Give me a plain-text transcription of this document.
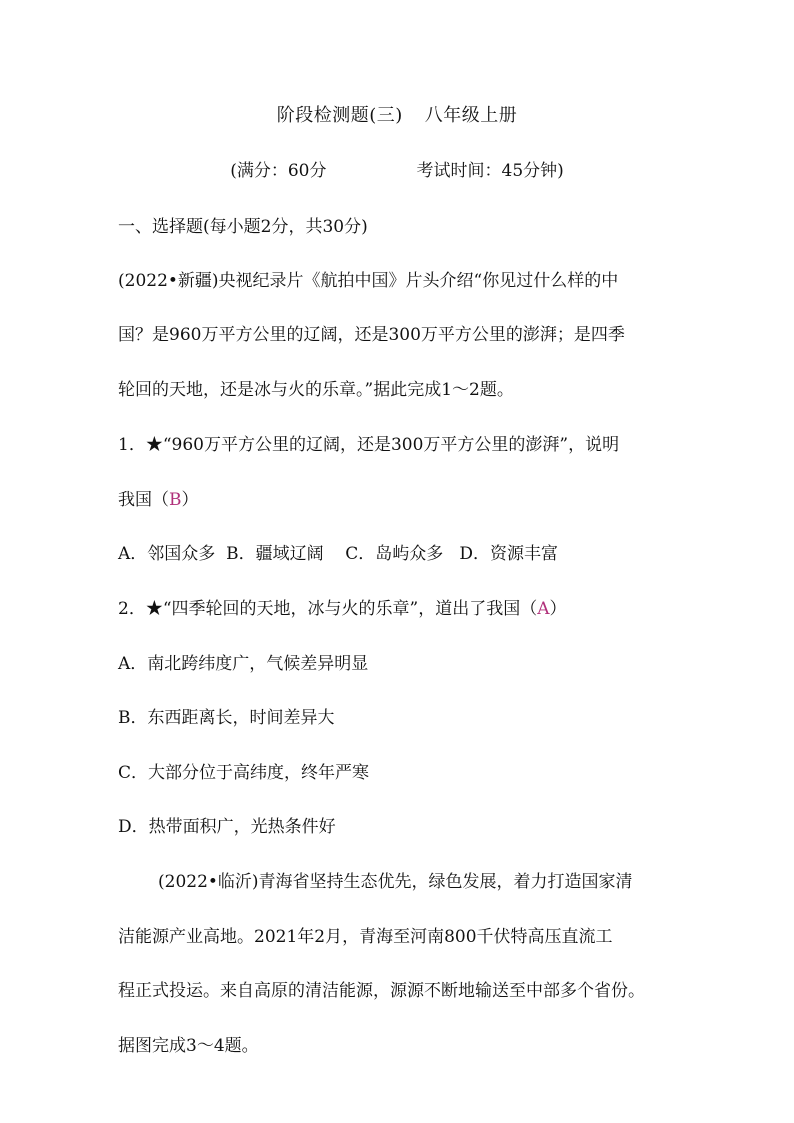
阶段检测题(三) 八年级上册
(满分：60分	考试时间：45分钟)
一、选择题(每小题2分，共30分)
(2022•新疆)央视纪录片《航拍中国》片头介绍“你见过什么样的中
国？是960万平方公里的辽阔，还是300万平方公里的澎湃；是四季
轮回的天地，还是冰与火的乐章。”据此完成1～2题。
1．★“960万平方公里的辽阔，还是300万平方公里的澎湃”，说明
我国（B）
A．邻国众多  B．疆域辽阔    C．岛屿众多   D．资源丰富
2．★“四季轮回的天地，冰与火的乐章”，道出了我国（A）
A．南北跨纬度广，气候差异明显
B．东西距离长，时间差异大
C．大部分位于高纬度，终年严寒
D．热带面积广，光热条件好
(2022•临沂)青海省坚持生态优先，绿色发展，着力打造国家清
洁能源产业高地。2021年2月，青海至河南800千伏特高压直流工
程正式投运。来自高原的清洁能源，源源不断地输送至中部多个省份。
据图完成3～4题。
